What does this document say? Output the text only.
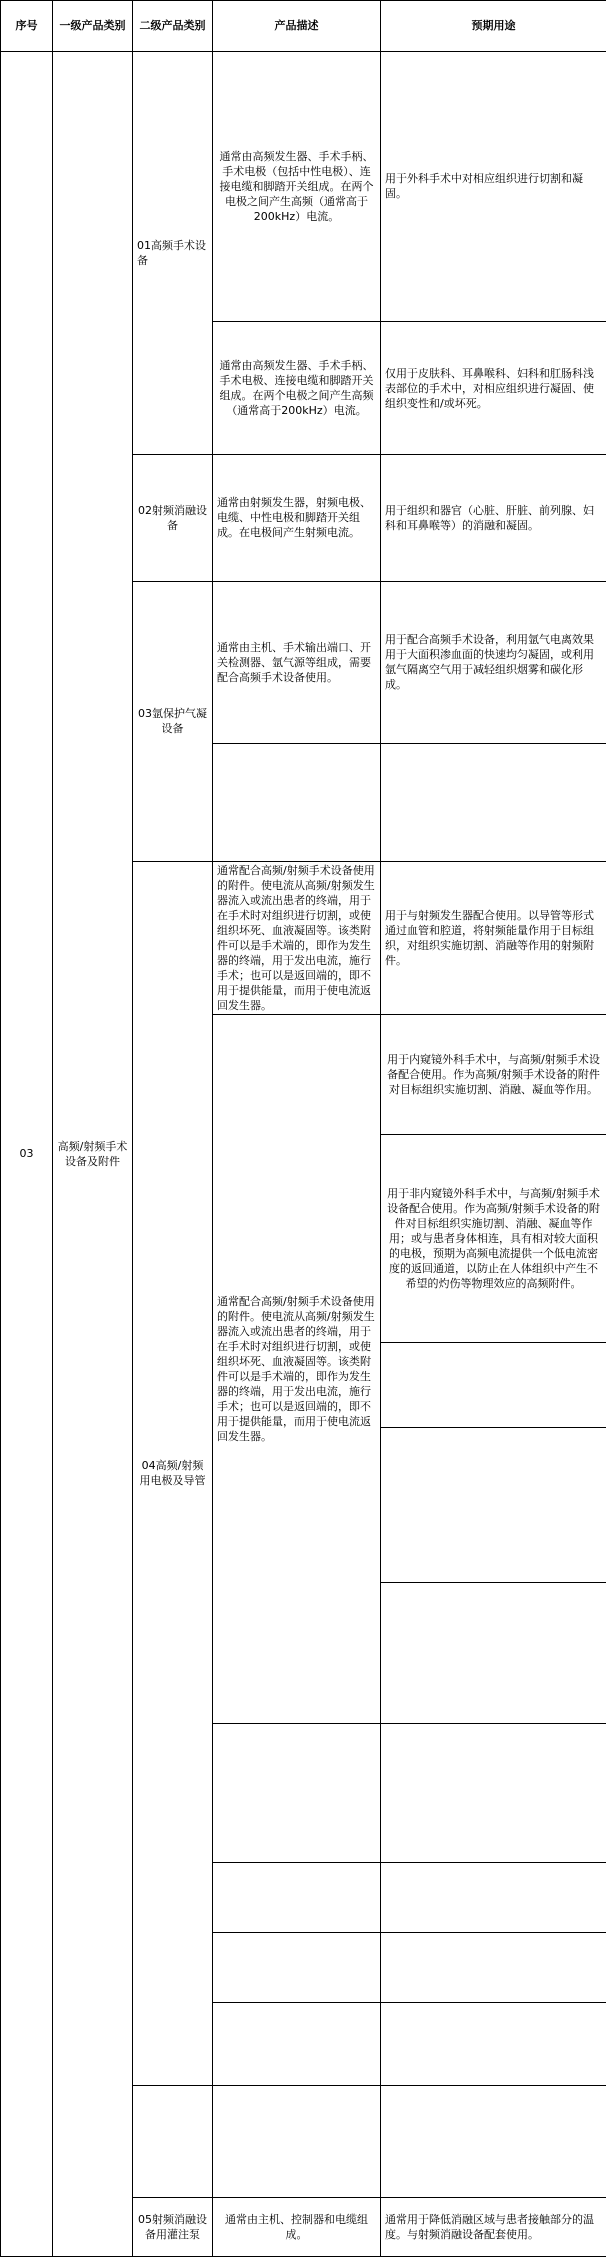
序号	一级产品类别	二级产品类别	产品描述	预期用途
03	高频/射频手术设备及附件	01高频手术设备	通常由高频发生器、手术手柄、手术电极（包括中性电极）、连接电缆和脚踏开关组成。在两个电极之间产生高频（通常高于200kHz）电流。	用于外科手术中对相应组织进行切割和凝固。
			通常由高频发生器、手术手柄、手术电极、连接电缆和脚踏开关组成。在两个电极之间产生高频（通常高于200kHz）电流。	仅用于皮肤科、耳鼻喉科、妇科和肛肠科浅表部位的手术中，对相应组织进行凝固、使组织变性和/或坏死。
		02射频消融设备	通常由射频发生器，射频电极、电缆、中性电极和脚踏开关组成。在电极间产生射频电流。	用于组织和器官（心脏、肝脏、前列腺、妇科和耳鼻喉等）的消融和凝固。
		03氩保护气凝设备	通常由主机、手术输出端口、开关检测器、氩气源等组成，需要配合高频手术设备使用。	用于配合高频手术设备，利用氩气电离效果用于大面积渗血面的快速均匀凝固，或利用氩气隔离空气用于减轻组织烟雾和碳化形成。

		04高频/射频用电极及导管	通常配合高频/射频手术设备使用的附件。使电流从高频/射频发生器流入或流出患者的终端，用于在手术时对组织进行切割，或使组织坏死、血液凝固等。该类附件可以是手术端的，即作为发生器的终端，用于发出电流，施行手术；也可以是返回端的，即不用于提供能量，而用于使电流返回发生器。	用于与射频发生器配合使用。以导管等形式通过血管和腔道，将射频能量作用于目标组织，对组织实施切割、消融等作用的射频附件。
			通常配合高频/射频手术设备使用的附件。使电流从高频/射频发生器流入或流出患者的终端，用于在手术时对组织进行切割，或使组织坏死、血液凝固等。该类附件可以是手术端的，即作为发生器的终端，用于发出电流，施行手术；也可以是返回端的，即不用于提供能量，而用于使电流返回发生器。	用于内窥镜外科手术中，与高频/射频手术设备配合使用。作为高频/射频手术设备的附件对目标组织实施切割、消融、凝血等作用。
				用于非内窥镜外科手术中，与高频/射频手术设备配合使用。作为高频/射频手术设备的附件对目标组织实施切割、消融、凝血等作用；或与患者身体相连，具有相对较大面积的电极，预期为高频电流提供一个低电流密度的返回通道，以防止在人体组织中产生不希望的灼伤等物理效应的高频附件。

		05射频消融设备用灌注泵	通常由主机、控制器和电缆组成。	通常用于降低消融区域与患者接触部分的温度。与射频消融设备配套使用。
